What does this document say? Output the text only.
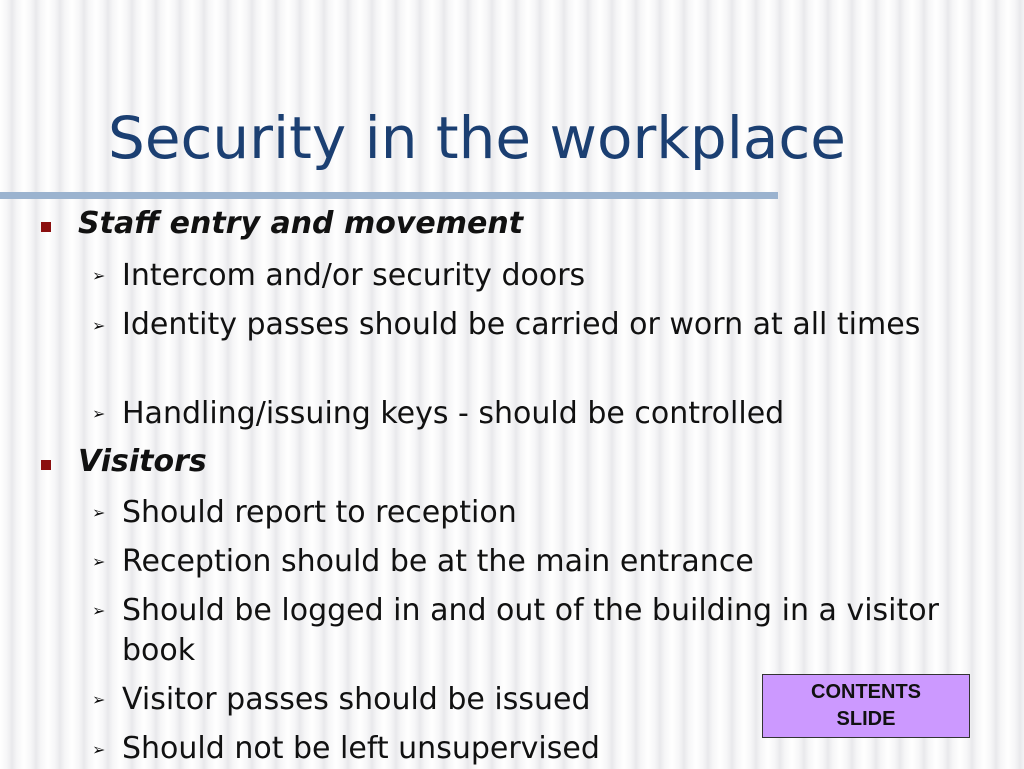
Security in the workplace
Staff entry and movement
➢ Intercom and/or security doors
➢ Identity passes should be carried or worn at all times
➢ Handling/issuing keys - should be controlled
Visitors
➢ Should report to reception
➢ Reception should be at the main entrance
➢ Should be logged in and out of the building in a visitor book
➢ Visitor passes should be issued
➢ Should not be left unsupervised
CONTENTS SLIDE
